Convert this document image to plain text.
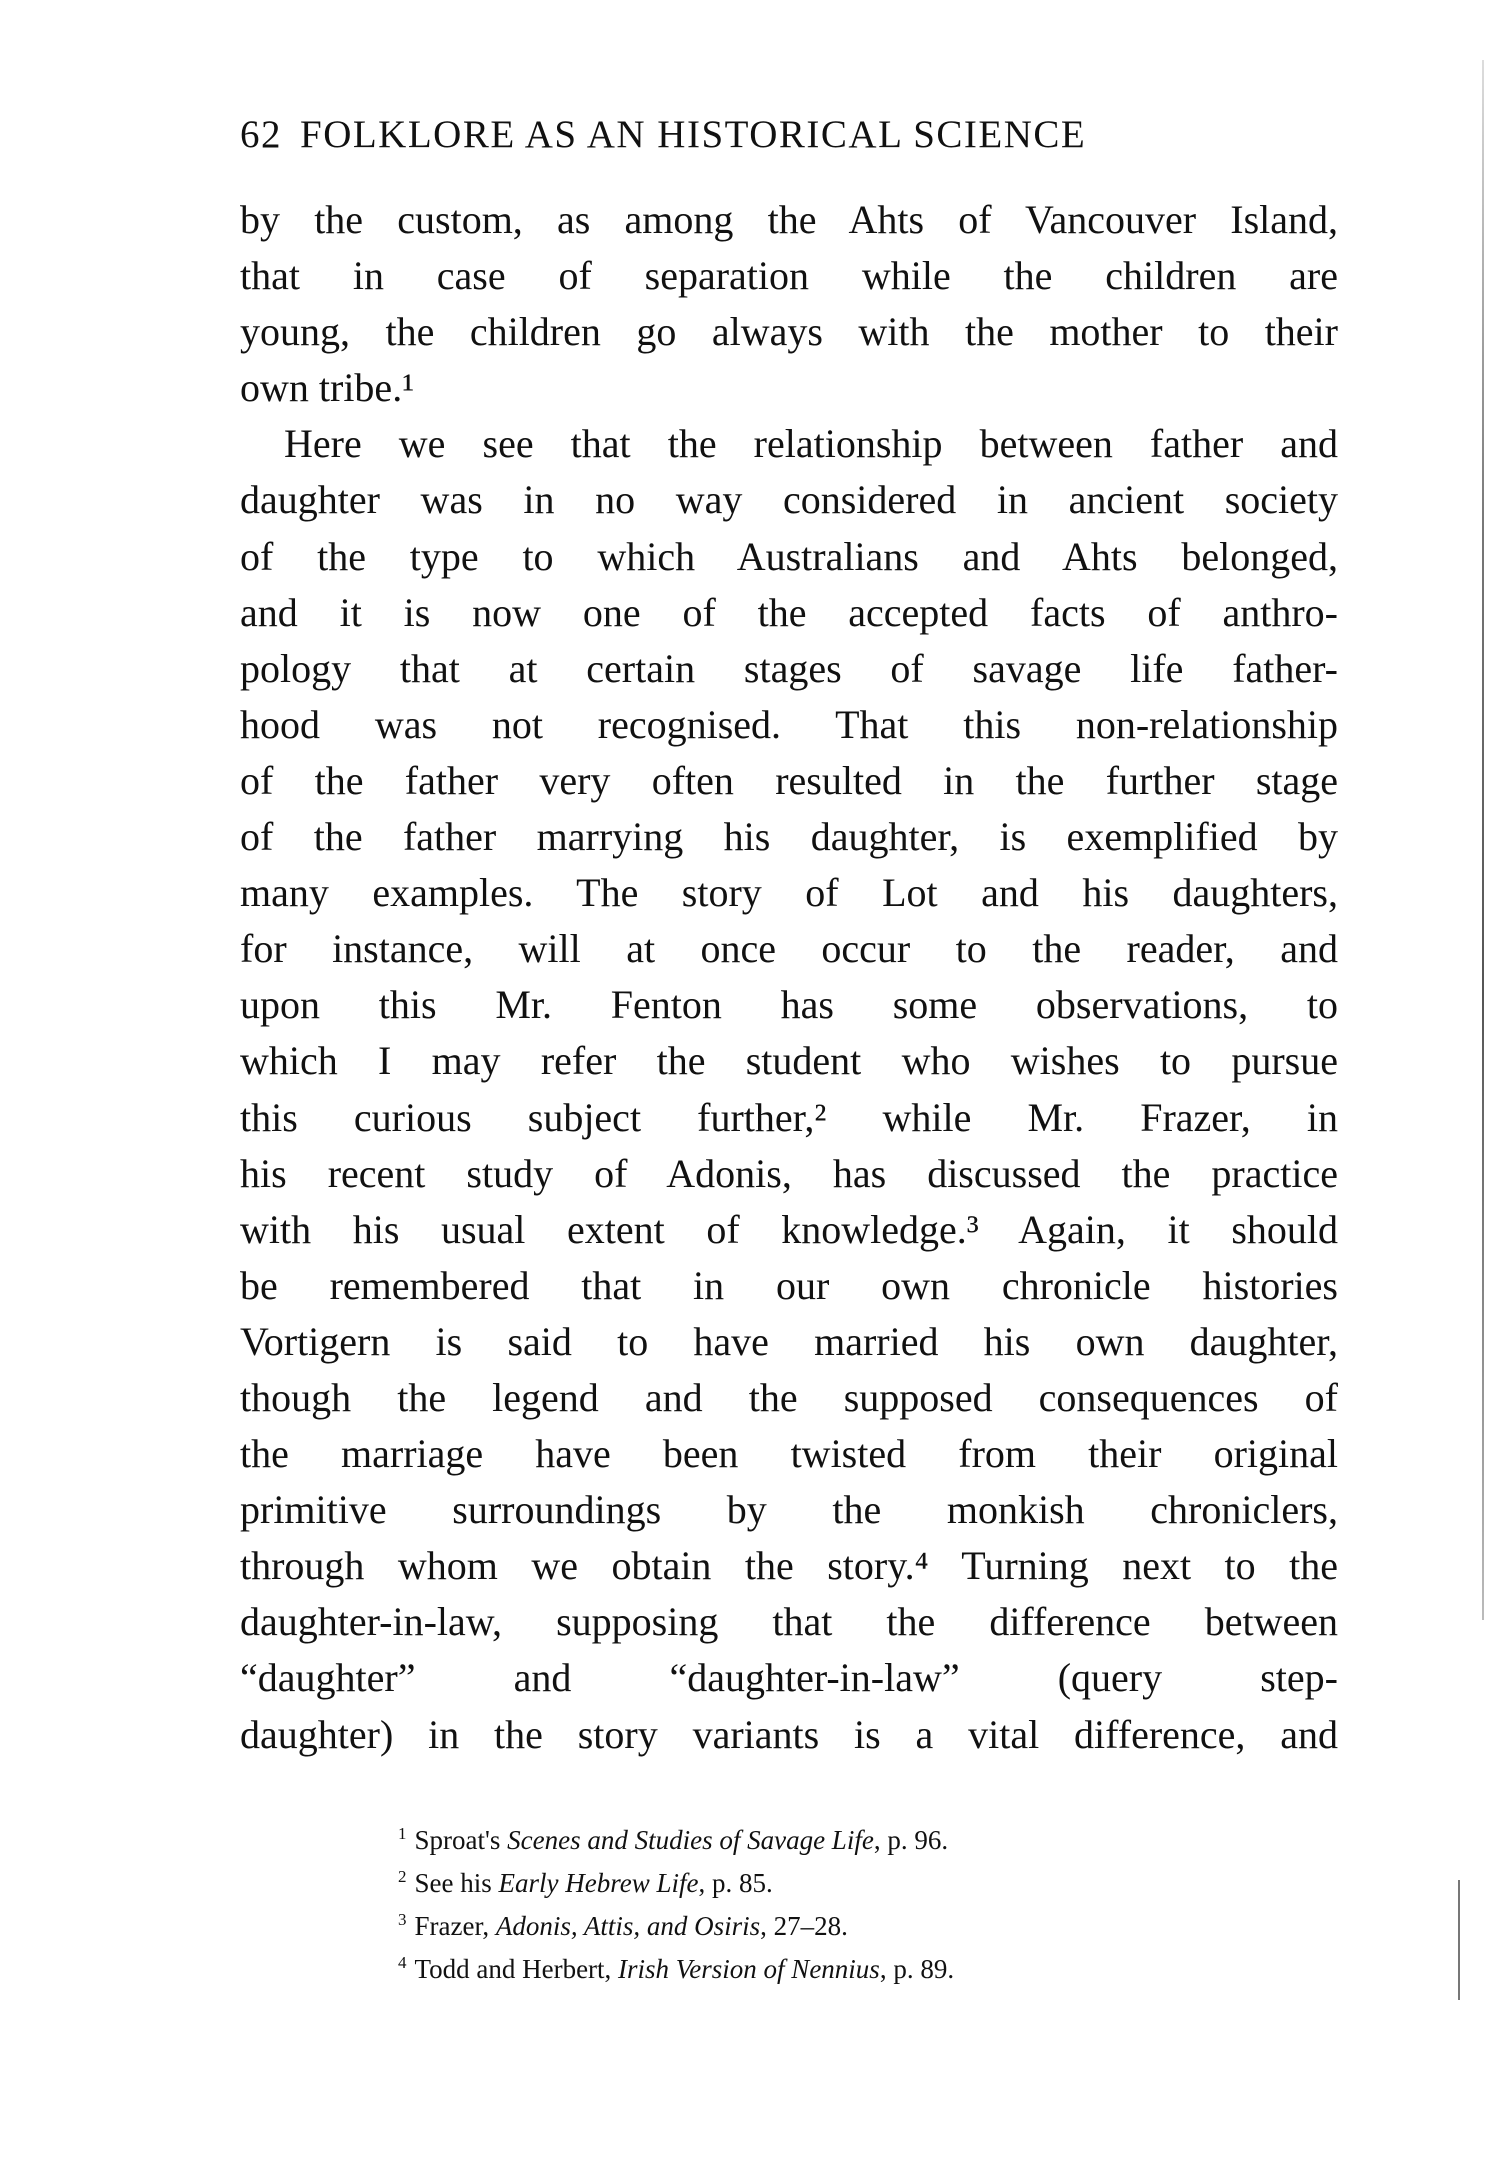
62 FOLKLORE AS AN HISTORICAL SCIENCE
by the custom, as among the Ahts of Vancouver Island,
that in case of separation while the children are
young, the children go always with the mother to their
own tribe.¹
Here we see that the relationship between father and
daughter was in no way considered in ancient society
of the type to which Australians and Ahts belonged,
and it is now one of the accepted facts of anthro-
pology that at certain stages of savage life father-
hood was not recognised. That this non-relationship
of the father very often resulted in the further stage
of the father marrying his daughter, is exemplified by
many examples. The story of Lot and his daughters,
for instance, will at once occur to the reader, and
upon this Mr. Fenton has some observations, to
which I may refer the student who wishes to pursue
this curious subject further,² while Mr. Frazer, in
his recent study of Adonis, has discussed the practice
with his usual extent of knowledge.³ Again, it should
be remembered that in our own chronicle histories
Vortigern is said to have married his own daughter,
though the legend and the supposed consequences of
the marriage have been twisted from their original
primitive surroundings by the monkish chroniclers,
through whom we obtain the story.⁴ Turning next to the
daughter-in-law, supposing that the difference between
“daughter” and “daughter-in-law” (query step-
daughter) in the story variants is a vital difference, and
$^1$ Sproat's Scenes and Studies of Savage Life, p. 96.
$^2$ See his Early Hebrew Life, p. 85.
$^3$ Frazer, Adonis, Attis, and Osiris, 27–28.
$^4$ Todd and Herbert, Irish Version of Nennius, p. 89.
